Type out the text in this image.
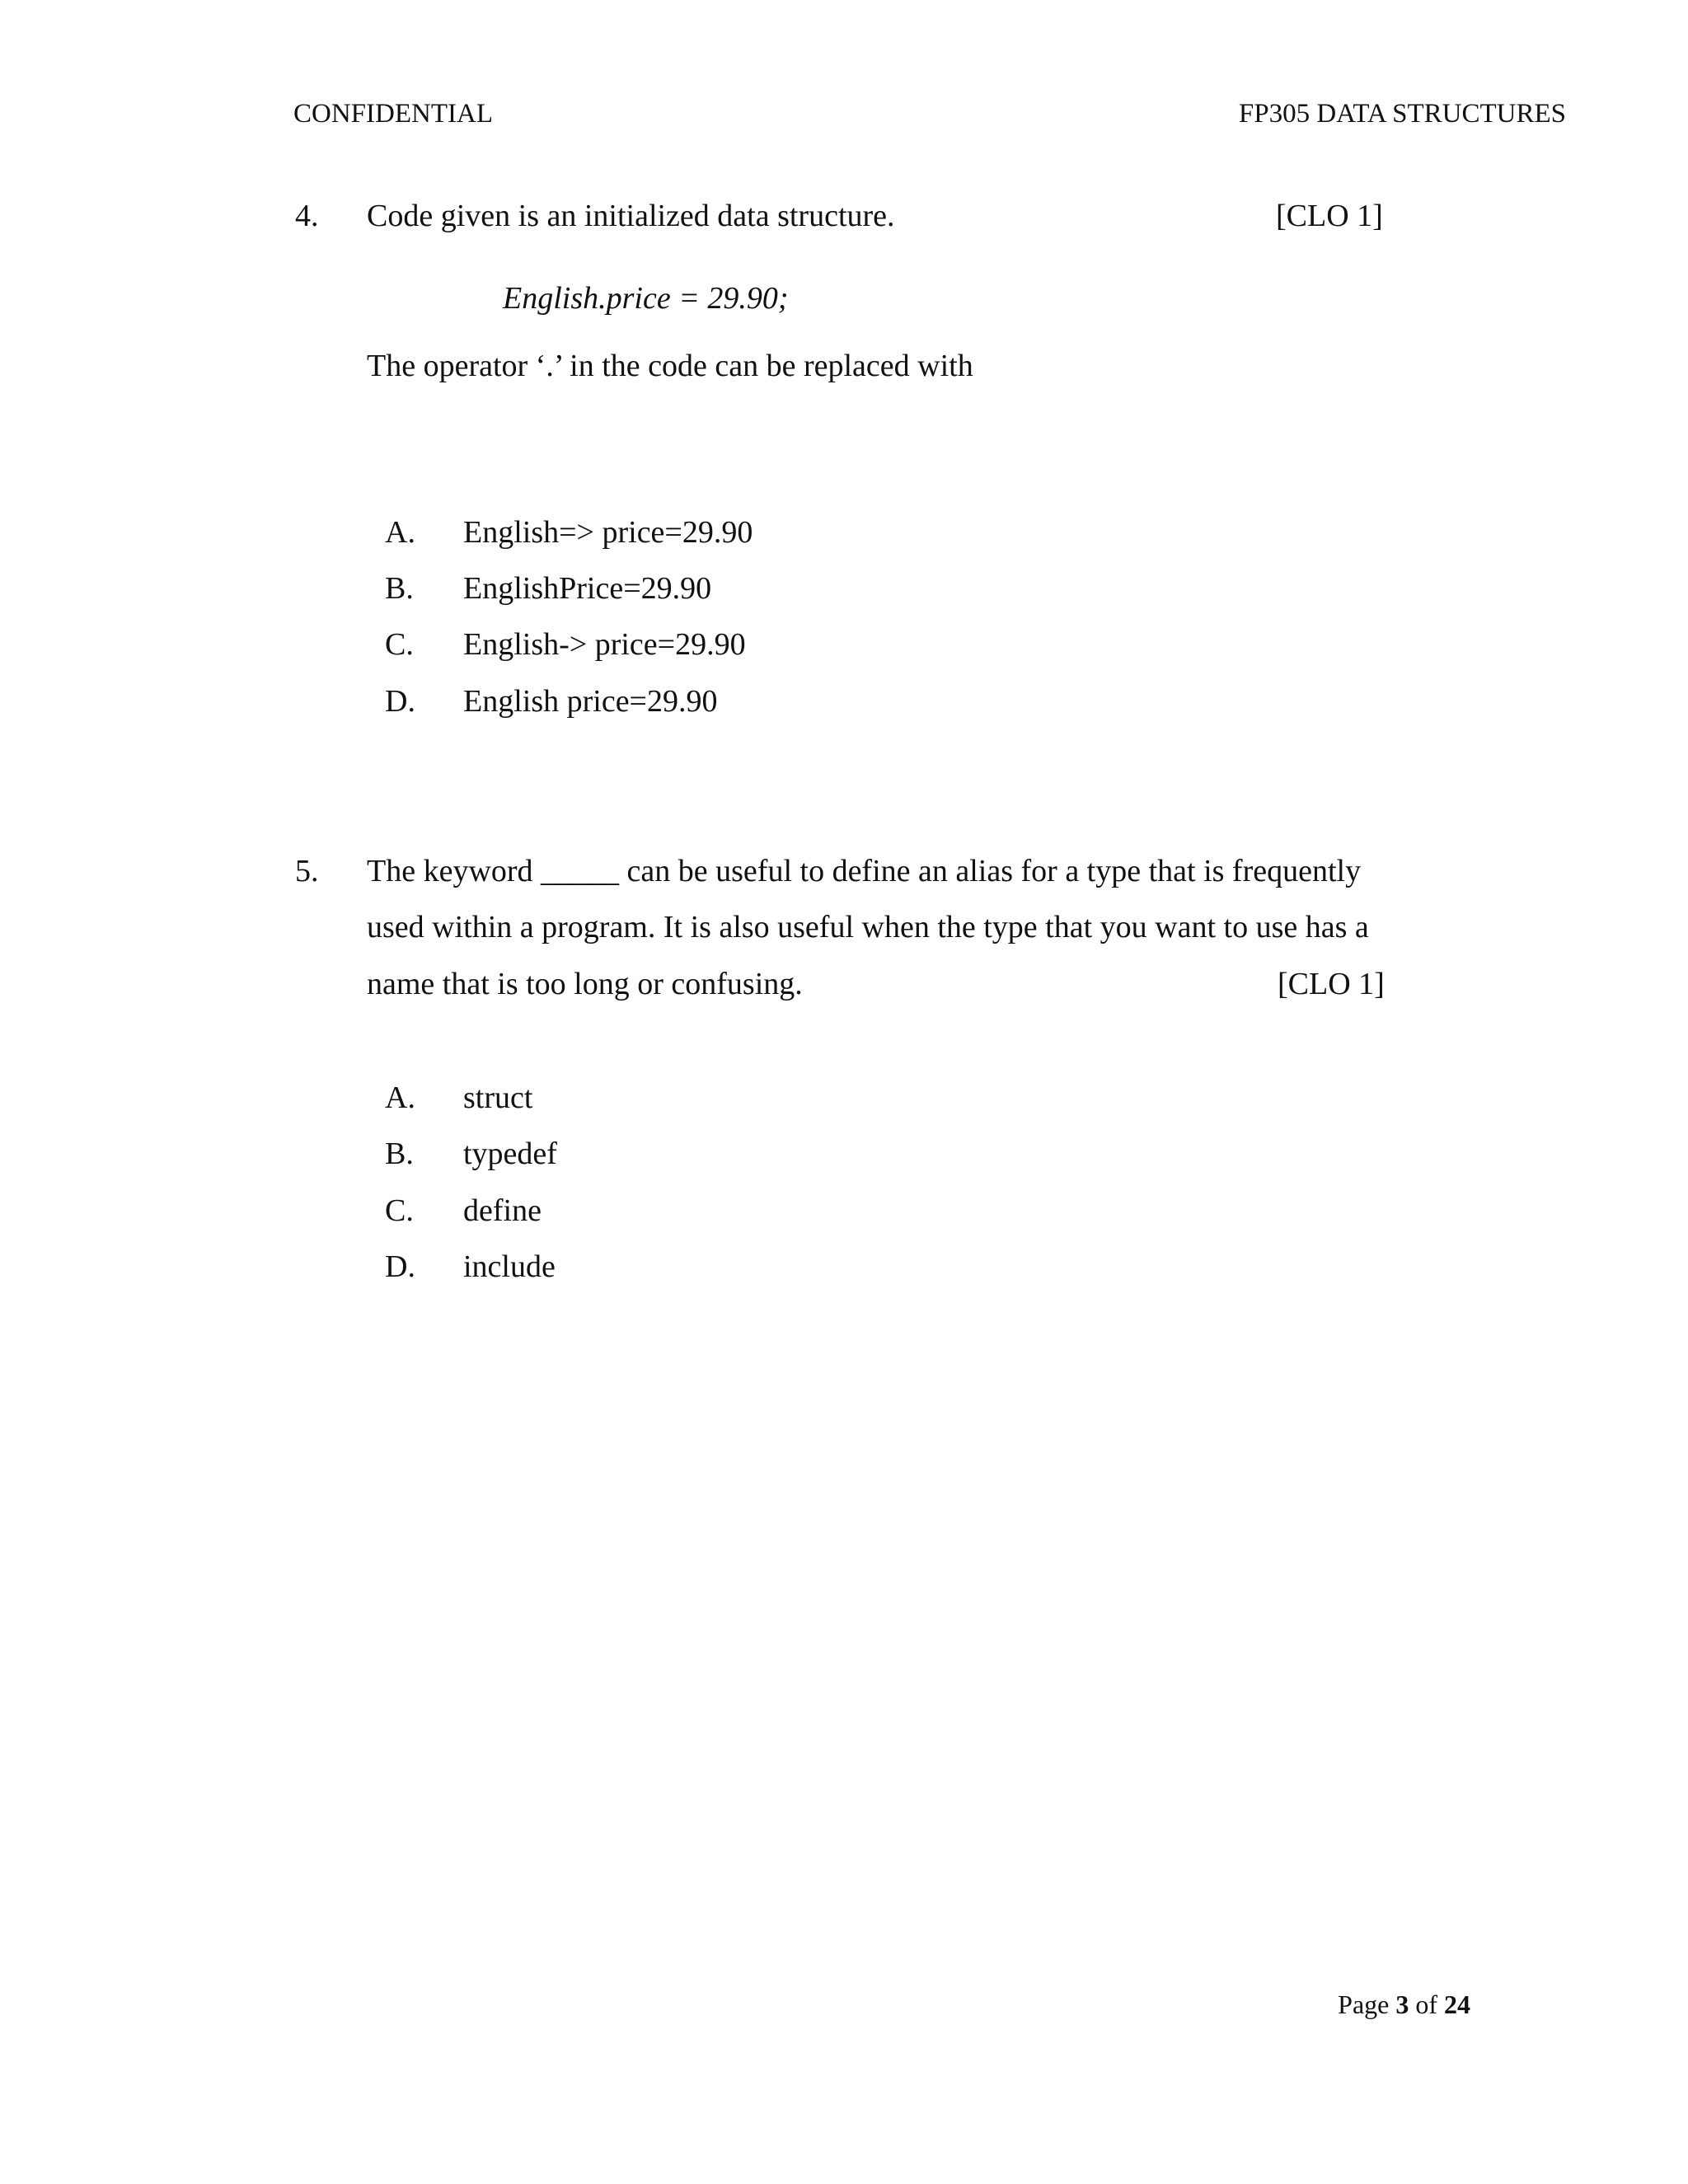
CONFIDENTIAL	FP305 DATA STRUCTURES
4. Code given is an initialized data structure.	[CLO 1]
English.price = 29.90;
The operator ‘.’ in the code can be replaced with
A. English=> price=29.90
B. EnglishPrice=29.90
C. English-> price=29.90
D. English price=29.90
5. The keyword _____ can be useful to define an alias for a type that is frequently
used within a program. It is also useful when the type that you want to use has a
name that is too long or confusing.	[CLO 1]
A. struct
B. typedef
C. define
D. include
Page 3 of 24
